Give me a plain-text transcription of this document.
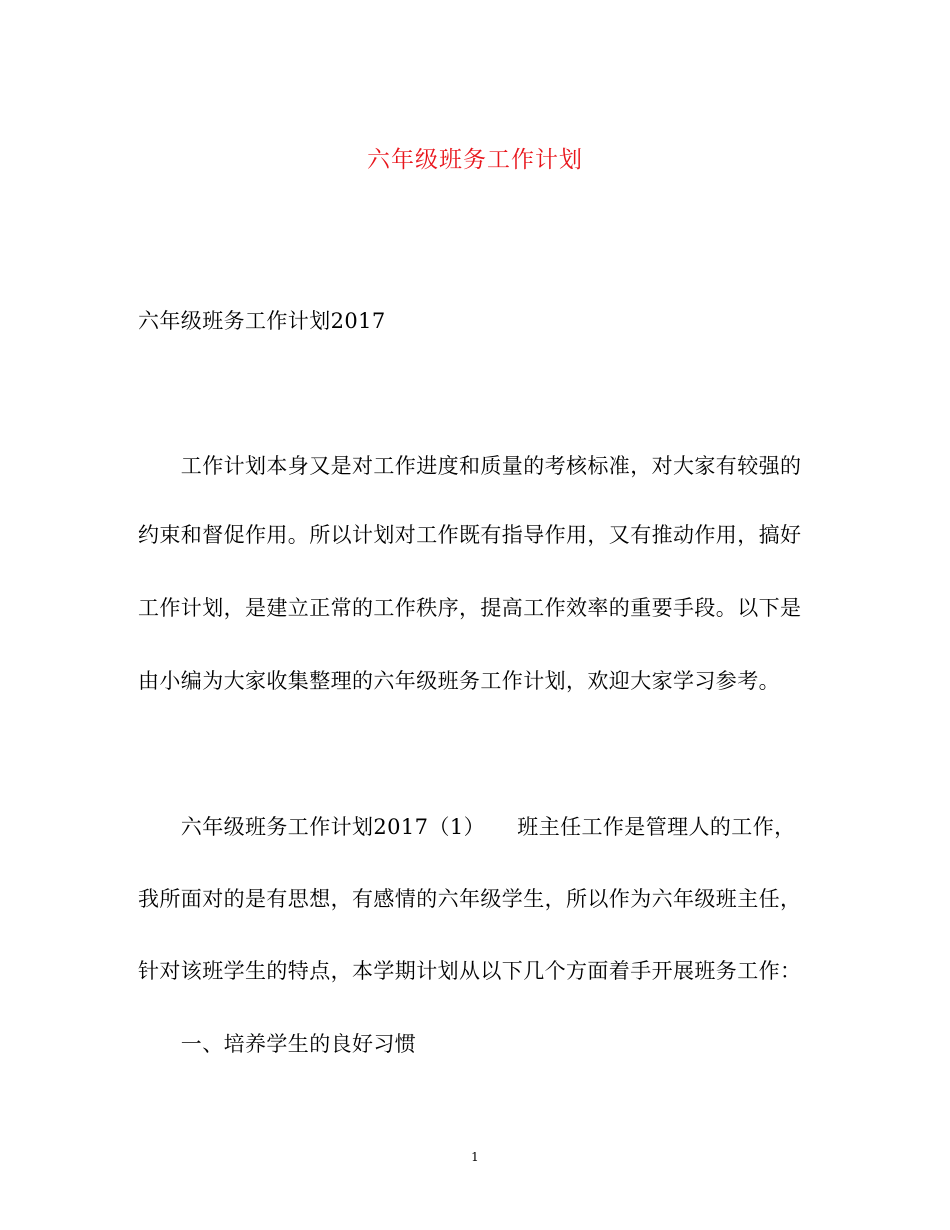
六年级班务工作计划
六年级班务工作计划2017
　　工作计划本身又是对工作进度和质量的考核标准，对大家有较强的
约束和督促作用。所以计划对工作既有指导作用，又有推动作用，搞好
工作计划，是建立正常的工作秩序，提高工作效率的重要手段。以下是
由小编为大家收集整理的六年级班务工作计划，欢迎大家学习参考。
　　六年级班务工作计划2017（1）　　班主任工作是管理人的工作，
我所面对的是有思想，有感情的六年级学生，所以作为六年级班主任，
针对该班学生的特点，本学期计划从以下几个方面着手开展班务工作：
　　一、培养学生的良好习惯
1
